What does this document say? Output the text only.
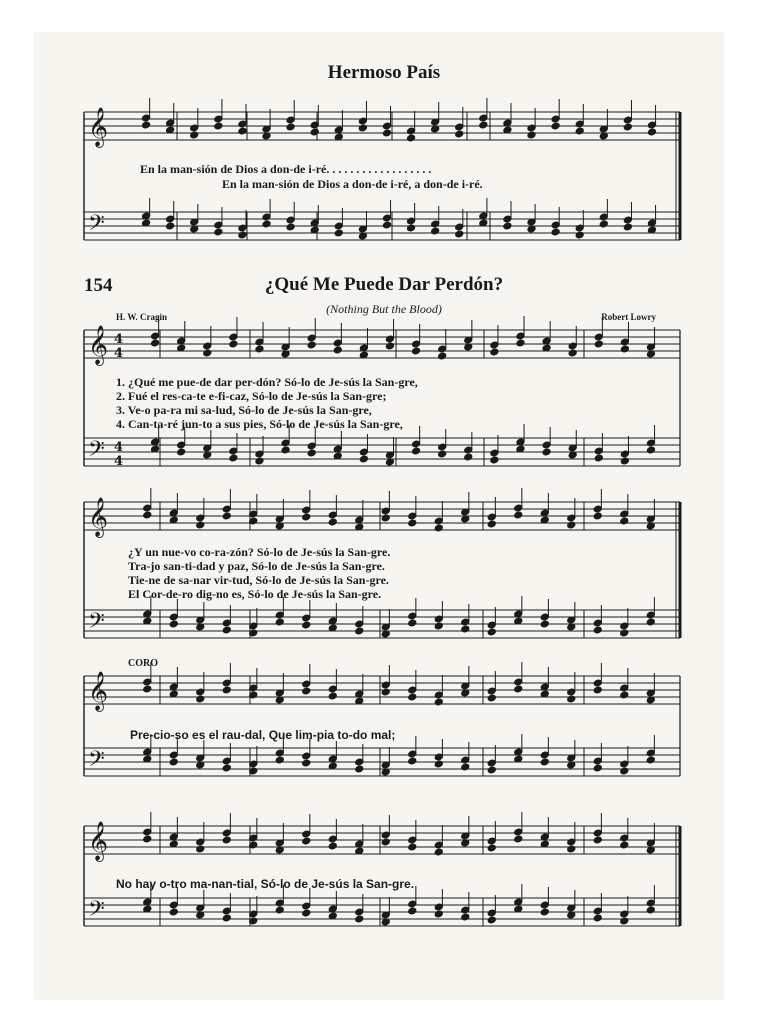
Hermoso País
𝄞
𝄢
𝄞
𝄢
4
4
4
4
𝄞
𝄢
𝄞
𝄢
𝄞
𝄢
En la man-sión de Dios a don-de i-ré. . . . . . . . . . . . . . . . . .
En la man-sión de Dios a don-de i-ré, a don-de i-ré.
154	¿Qué Me Puede Dar Perdón?
(Nothing But the Blood)
H. W. Cragin	Robert Lowry
1. ¿Qué me pue-de dar per-dón? Só-lo de Je-sús la San-gre,
2. Fué el res-ca-te e-fi-caz, Só-lo de Je-sús la San-gre;
3. Ve-o pa-ra mi sa-lud, Só-lo de Je-sús la San-gre,
4. Can-ta-ré jun-to a sus pies, Só-lo de Je-sús la San-gre,
¿Y un nue-vo co-ra-zón? Só-lo de Je-sús la San-gre.
Tra-jo san-ti-dad y paz, Só-lo de Je-sús la San-gre.
Tie-ne de sa-nar vir-tud, Só-lo de Je-sús la San-gre.
El Cor-de-ro dig-no es, Só-lo de Je-sús la San-gre.
CORO
Pre-cio-so es el rau-dal, Que lim-pia to-do mal;
No hay o-tro ma-nan-tial, Só-lo de Je-sús la San-gre.
